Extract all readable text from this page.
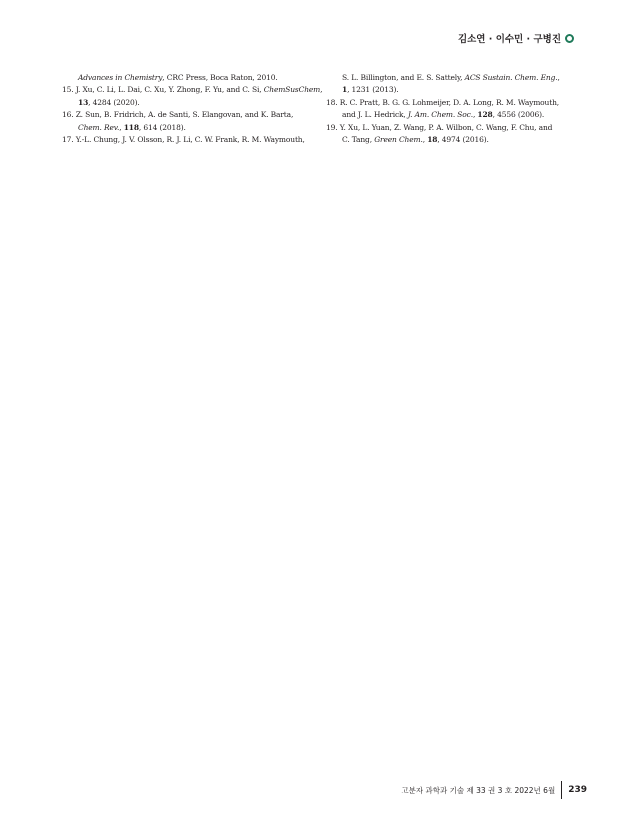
김소연 · 이수민 · 구병진
Advances in Chemistry, CRC Press, Boca Raton, 2010.
15. J. Xu, C. Li, L. Dai, C. Xu, Y. Zhong, F. Yu, and C. Si, ChemSusChem,
13, 4284 (2020).
16. Z. Sun, B. Fridrich, A. de Santi, S. Elangovan, and K. Barta,
Chem. Rev., 118, 614 (2018).
17. Y.-L. Chung, J. V. Olsson, R. J. Li, C. W. Frank, R. M. Waymouth,
S. L. Billington, and E. S. Sattely, ACS Sustain. Chem. Eng.,
1, 1231 (2013).
18. R. C. Pratt, B. G. G. Lohmeijer, D. A. Long, R. M. Waymouth,
and J. L. Hedrick, J. Am. Chem. Soc., 128, 4556 (2006).
19. Y. Xu, L. Yuan, Z. Wang, P. A. Wilbon, C. Wang, F. Chu, and
C. Tang, Green Chem., 18, 4974 (2016).
고분자 과학과 기술 제 33 권 3 호 2022년 6월 239
